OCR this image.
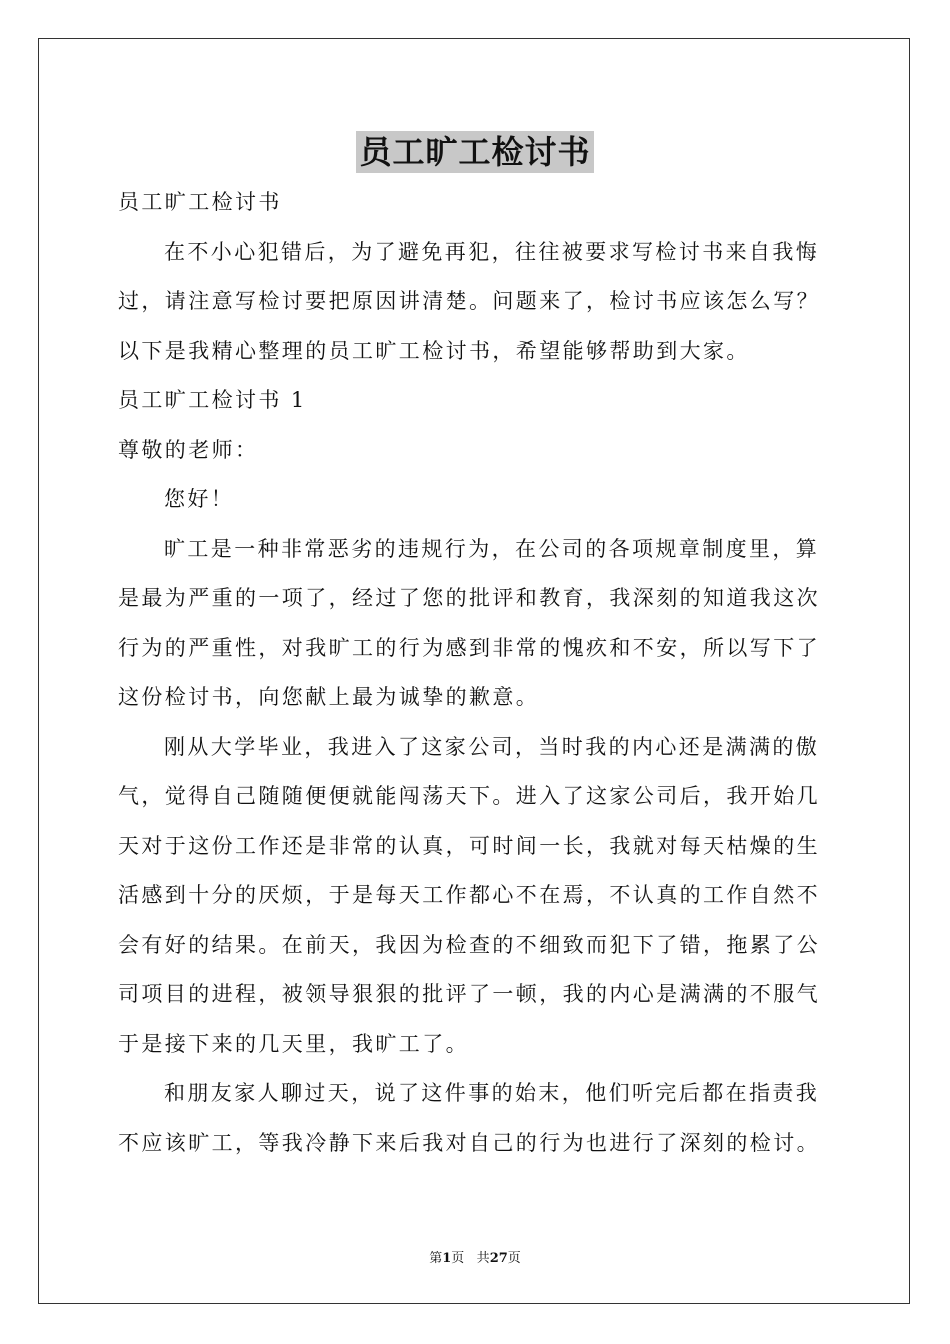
员工旷工检讨书
员工旷工检讨书
在不小心犯错后，为了避免再犯，往往被要求写检讨书来自我悔
过，请注意写检讨要把原因讲清楚。问题来了，检讨书应该怎么写？
以下是我精心整理的员工旷工检讨书，希望能够帮助到大家。
员工旷工检讨书 1
尊敬的老师：
您好！
旷工是一种非常恶劣的违规行为，在公司的各项规章制度里，算
是最为严重的一项了，经过了您的批评和教育，我深刻的知道我这次
行为的严重性，对我旷工的行为感到非常的愧疚和不安，所以写下了
这份检讨书，向您献上最为诚挚的歉意。
刚从大学毕业，我进入了这家公司，当时我的内心还是满满的傲
气，觉得自己随随便便就能闯荡天下。进入了这家公司后，我开始几
天对于这份工作还是非常的认真，可时间一长，我就对每天枯燥的生
活感到十分的厌烦，于是每天工作都心不在焉，不认真的工作自然不
会有好的结果。在前天，我因为检查的不细致而犯下了错，拖累了公
司项目的进程，被领导狠狠的批评了一顿，我的内心是满满的不服气
于是接下来的几天里，我旷工了。
和朋友家人聊过天，说了这件事的始末，他们听完后都在指责我
不应该旷工，等我冷静下来后我对自己的行为也进行了深刻的检讨。
第1页 共27页
